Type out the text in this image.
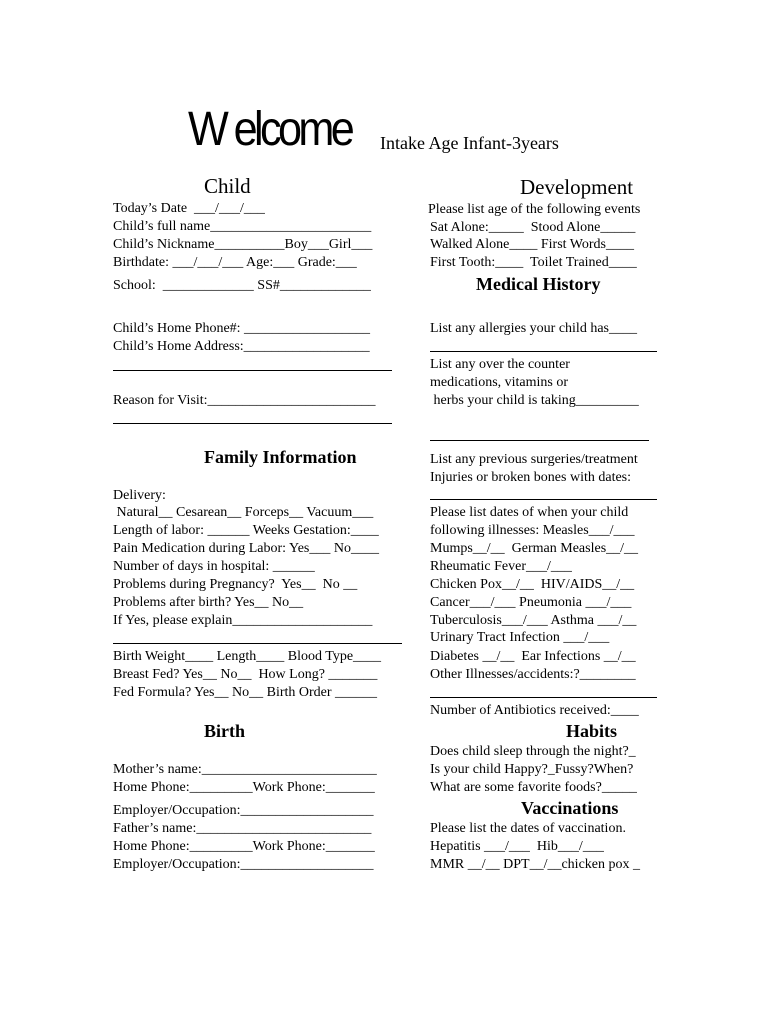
W elcome Intake Age Infant-3years
Child
Today’s Date  ___/___/___
Child’s full name_______________________
Child’s Nickname__________Boy___Girl___
Birthdate: ___/___/___ Age:___ Grade:___
School:  _____________ SS#_____________
Child’s Home Phone#: __________________
Child’s Home Address:__________________
Reason for Visit:________________________
Family Information
Delivery:
Natural__ Cesarean__ Forceps__ Vacuum___
Length of labor: ______ Weeks Gestation:____
Pain Medication during Labor: Yes___ No____
Number of days in hospital: ______
Problems during Pregnancy?  Yes__  No __
Problems after birth? Yes__ No__
If Yes, please explain____________________
Birth Weight____ Length____ Blood Type____
Breast Fed? Yes__ No__  How Long? _______
Fed Formula? Yes__ No__ Birth Order ______
Birth
Mother’s name:_________________________
Home Phone:_________Work Phone:_______
Employer/Occupation:___________________
Father’s name:_________________________
Home Phone:_________Work Phone:_______
Employer/Occupation:___________________
Development
Please list age of the following events
Sat Alone:_____  Stood Alone_____
Walked Alone____ First Words____
First Tooth:____  Toilet Trained____
Medical History
List any allergies your child has____
List any over the counter
medications, vitamins or
herbs your child is taking_________
List any previous surgeries/treatment
Injuries or broken bones with dates:
Please list dates of when your child
following illnesses: Measles___/___
Mumps__/__  German Measles__/__
Rheumatic Fever___/___
Chicken Pox__/__  HIV/AIDS__/__
Cancer___/___ Pneumonia ___/___
Tuberculosis___/___ Asthma ___/__
Urinary Tract Infection ___/___
Diabetes __/__  Ear Infections __/__
Other Illnesses/accidents:?________
Number of Antibiotics received:____
Habits
Does child sleep through the night?_
Is your child Happy?_Fussy?When?
What are some favorite foods?_____
Vaccinations
Please list the dates of vaccination.
Hepatitis ___/___  Hib___/___
MMR __/__ DPT__/__chicken pox _
